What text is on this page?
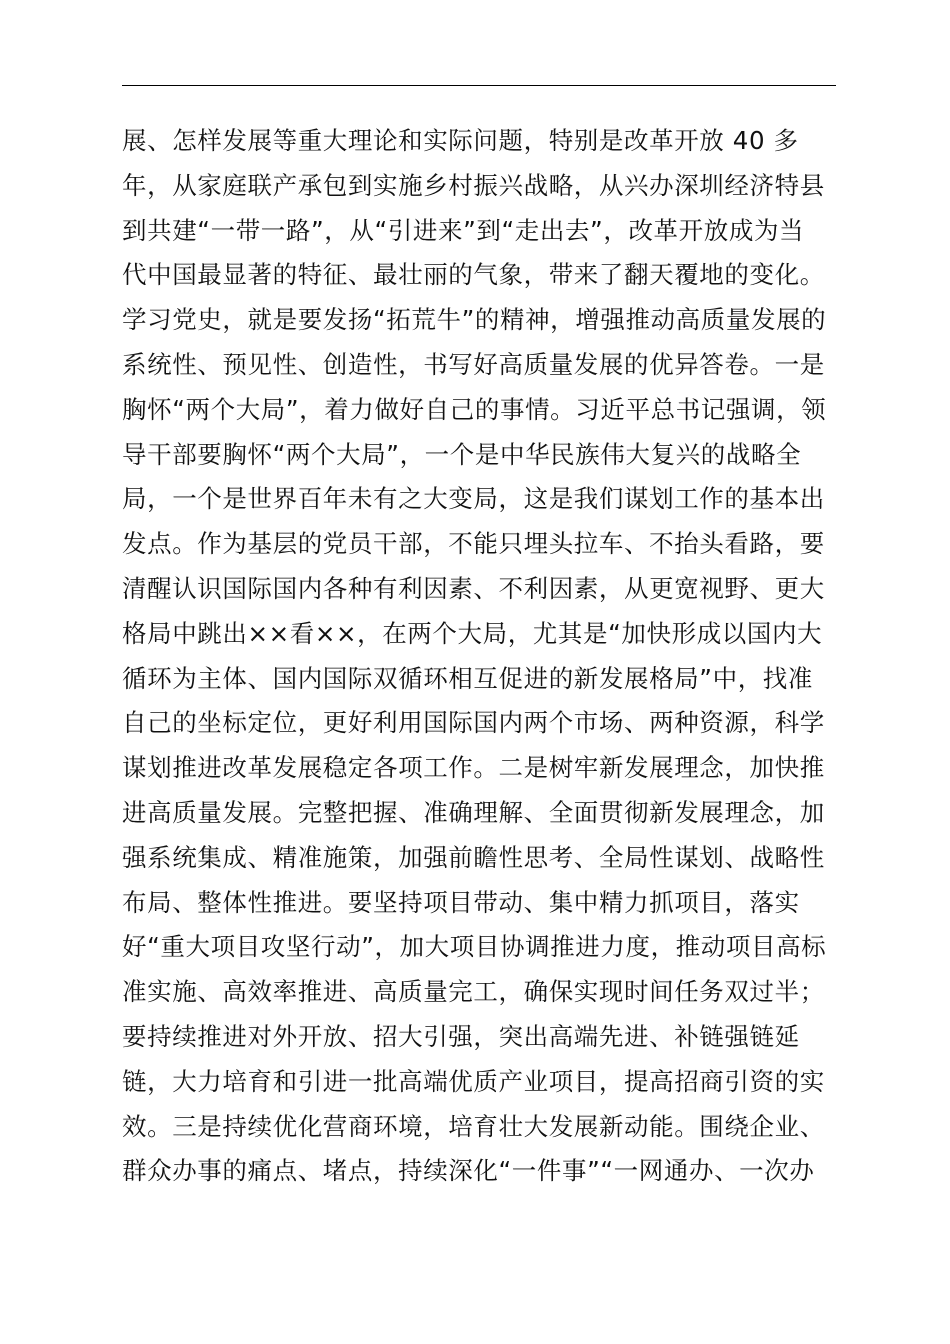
展、怎样发展等重大理论和实际问题，特别是改革开放 40 多
年，从家庭联产承包到实施乡村振兴战略，从兴办深圳经济特县
到共建“一带一路”，从“引进来”到“走出去”，改革开放成为当
代中国最显著的特征、最壮丽的气象，带来了翻天覆地的变化。
学习党史，就是要发扬“拓荒牛”的精神，增强推动高质量发展的
系统性、预见性、创造性，书写好高质量发展的优异答卷。一是
胸怀“两个大局”，着力做好自己的事情。习近平总书记强调，领
导干部要胸怀“两个大局”，一个是中华民族伟大复兴的战略全
局，一个是世界百年未有之大变局，这是我们谋划工作的基本出
发点。作为基层的党员干部，不能只埋头拉车、不抬头看路，要
清醒认识国际国内各种有利因素、不利因素，从更宽视野、更大
格局中跳出××看××，在两个大局，尤其是“加快形成以国内大
循环为主体、国内国际双循环相互促进的新发展格局”中，找准
自己的坐标定位，更好利用国际国内两个市场、两种资源，科学
谋划推进改革发展稳定各项工作。二是树牢新发展理念，加快推
进高质量发展。完整把握、准确理解、全面贯彻新发展理念，加
强系统集成、精准施策，加强前瞻性思考、全局性谋划、战略性
布局、整体性推进。要坚持项目带动、集中精力抓项目，落实
好“重大项目攻坚行动”，加大项目协调推进力度，推动项目高标
准实施、高效率推进、高质量完工，确保实现时间任务双过半；
要持续推进对外开放、招大引强，突出高端先进、补链强链延
链，大力培育和引进一批高端优质产业项目，提高招商引资的实
效。三是持续优化营商环境，培育壮大发展新动能。围绕企业、
群众办事的痛点、堵点，持续深化“一件事”“一网通办、一次办
